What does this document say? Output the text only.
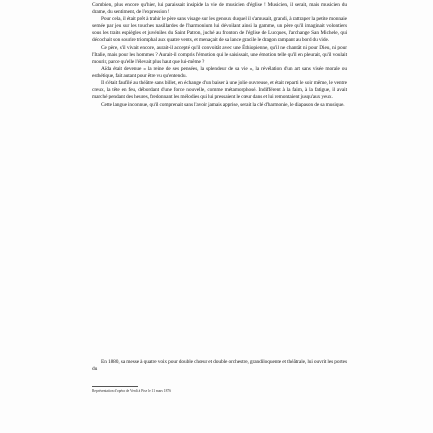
Combien, plus encore qu'hier, lui paraissait insipide la vie de musicien d'église ! Musicien, il serait, mais musicien du drame, du sentiment, de l'expression !

Pour cela, il était prêt à trahir le père sans visage sur les genoux duquel il s'amusait, grandi, à rattraper la petite monnaie semée par jeu sur les touches nasillardes de l'harmonium lui dévoilant ainsi la gamme, un père qu'il imaginait volontiers sous les traits espiègles et juvéniles du Saint Patron, juché au fronton de l'église de Lucques, l'archange San Michele, qui décochait son sourire triomphal aux quatre vents, et menaçait de sa lance gracile le dragon rampant au bord du vide.

Ce père, s'il vivait encore, aurait-il accepté qu'il convoitât avec une Éthiopienne, qu'il ne chantât ni pour Dieu, ni pour l'Italie, mais pour les hommes ? Aurait-il compris l'émotion qui le saisissait, une émotion telle qu'il en pleurait, qu'il voulait mourir, parce qu'elle l'élevait plus haut que lui-même ?

Aïda était devenue « la reine de ses pensées, la splendeur de sa vie », la révélation d'un art sans visée morale ou esthétique, fait autant pour être vu qu'entendu.

Il s'était faufilé au théâtre sans billet, en échange d'un baiser à une jolie ouvreuse, et était reparti le soir même, le ventre creux, la tête en feu, débordant d'une force nouvelle, comme métamorphosé. Indifférent à la faim, à la fatigue, il avait marché pendant des heures, fredonnant les mélodies qui lui pressaient le cœur dans et lui remontaient jusqu'aux yeux.

Cette langue inconnue, qu'il comprenait sans l'avoir jamais apprise, serait la clé d'harmonie, le diapason de sa musique.

En 1880, sa messe à quatre voix pour double chœur et double orchestre, grandiloquente et théâtrale, lui ouvrit les portes du

Représentation d'opéra de Verdi à Pise le 11 mars 1876
